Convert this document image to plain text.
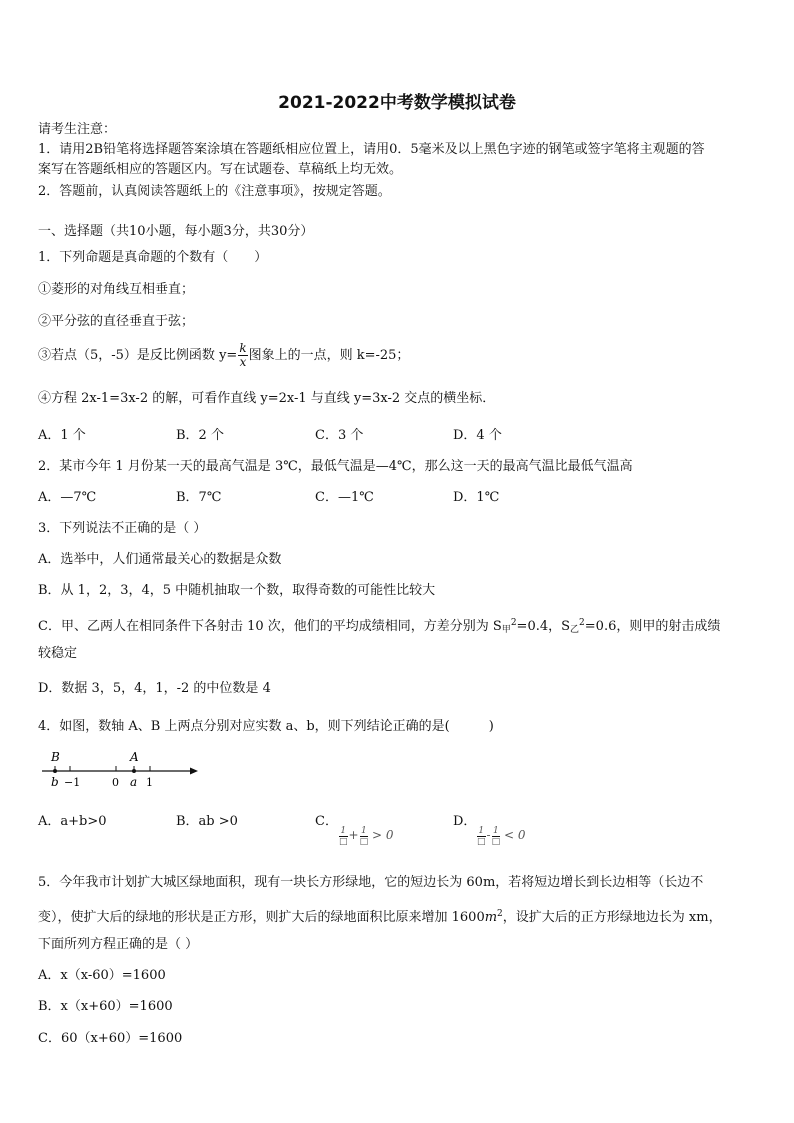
2021-2022中考数学模拟试卷
请考生注意：
1．请用2B铅笔将选择题答案涂填在答题纸相应位置上，请用0．5毫米及以上黑色字迹的钢笔或签字笔将主观题的答
案写在答题纸相应的答题区内。写在试题卷、草稿纸上均无效。
2．答题前，认真阅读答题纸上的《注意事项》，按规定答题。
一、选择题（共10小题，每小题3分，共30分）
1．下列命题是真命题的个数有（　　）
①菱形的对角线互相垂直；
②平分弦的直径垂直于弦；
③若点（5，-5）是反比例函数 $y= \frac{k}{x}$ 图象上的一点，则 k=-25；
④方程 2x-1=3x-2 的解，可看作直线 y=2x-1 与直线 y=3x-2 交点的横坐标．
A．1 个	B．2 个	C．3 个	D．4 个
2．某市今年 1 月份某一天的最高气温是 3℃，最低气温是—4℃，那么这一天的最高气温比最低气温高
A．—7℃	B．7℃	C．—1℃	D．1℃
3．下列说法不正确的是（ ）
A．选举中，人们通常最关心的数据是众数
B．从 1，2，3，4，5 中随机抽取一个数，取得奇数的可能性比较大
C．甲、乙两人在相同条件下各射击 10 次，他们的平均成绩相同，方差分别为 $S_甲^2=0.4$，$S_乙^2=0.6$，则甲的射击成绩
较稳定
D．数据 3，5，4，1，-2 的中位数是 4
4．如图，数轴 A、B 上两点分别对应实数 a、b，则下列结论正确的是(　　　)
B	A
b −1	0 a 1
A．a+b>0	B．ab >0	C．	D．
$\frac{1}{□} + \frac{1}{□} > 0$	$\frac{1}{□} - \frac{1}{□} < 0$
5．今年我市计划扩大城区绿地面积，现有一块长方形绿地，它的短边长为 60m，若将短边增长到长边相等（长边不
变），使扩大后的绿地的形状是正方形，则扩大后的绿地面积比原来增加 $1600m^2$，设扩大后的正方形绿地边长为 xm，
下面所列方程正确的是（ ）
A．x（x-60）=1600
B．x（x+60）=1600
C．60（x+60）=1600
